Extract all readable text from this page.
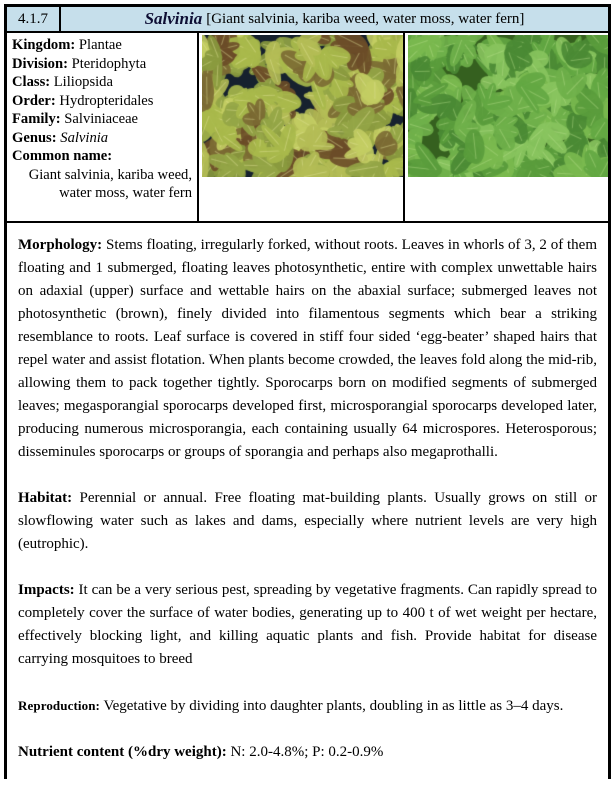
4.1.7	Salvinia [Giant salvinia, kariba weed, water moss, water fern]
Kingdom: Plantae
Division: Pteridophyta
Class: Liliopsida
Order: Hydropteridales
Family: Salviniaceae
Genus: Salvinia
Common name:
Giant salvinia, kariba weed, water moss, water fern

Morphology: Stems floating, irregularly forked, without roots. Leaves in whorls of 3, 2 of them floating and 1 submerged, floating leaves photosynthetic, entire with complex unwettable hairs on adaxial (upper) surface and wettable hairs on the abaxial surface; submerged leaves not photosynthetic (brown), finely divided into filamentous segments which bear a striking resemblance to roots. Leaf surface is covered in stiff four sided ‘egg-beater’ shaped hairs that repel water and assist flotation. When plants become crowded, the leaves fold along the mid-rib, allowing them to pack together tightly. Sporocarps born on modified segments of submerged leaves; megasporangial sporocarps developed first, microsporangial sporocarps developed later, producing numerous microsporangia, each containing usually 64 microspores. Heterosporous; disseminules sporocarps or groups of sporangia and perhaps also megaprothalli.

Habitat: Perennial or annual. Free floating mat-building plants. Usually grows on still or slowflowing water such as lakes and dams, especially where nutrient levels are very high (eutrophic).

Impacts: It can be a very serious pest, spreading by vegetative fragments. Can rapidly spread to completely cover the surface of water bodies, generating up to 400 t of wet weight per hectare, effectively blocking light, and killing aquatic plants and fish. Provide habitat for disease carrying mosquitoes to breed

Reproduction: Vegetative by dividing into daughter plants, doubling in as little as 3–4 days.

Nutrient content (%dry weight): N: 2.0-4.8%; P: 0.2-0.9%
